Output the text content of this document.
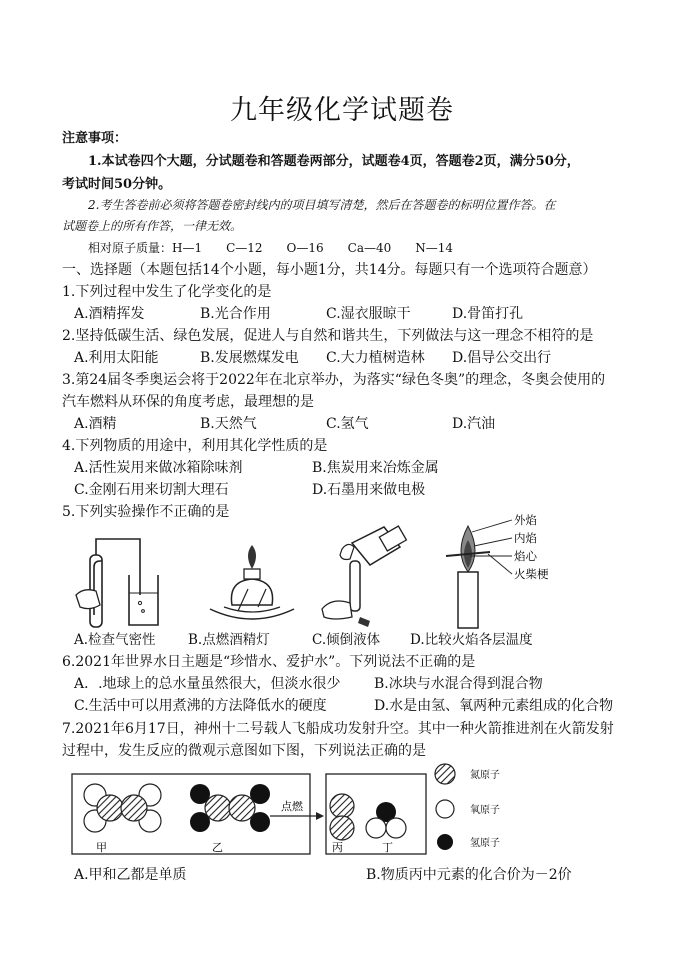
九年级化学试题卷
注意事项：
1.本试卷四个大题，分试题卷和答题卷两部分，试题卷4页，答题卷2页，满分50分，
考试时间50分钟。
2.考生答卷前必须将答题卷密封线内的项目填写清楚，然后在答题卷的标明位置作答。在
试题卷上的所有作答，一律无效。
相对原子质量：H—1　　C—12　　O—16　　Ca—40　　N—14
一、选择题（本题包括14个小题，每小题1分，共14分。每题只有一个选项符合题意）
1.下列过程中发生了化学变化的是
A.酒精挥发	B.光合作用	C.湿衣服晾干	D.骨笛打孔
2.坚持低碳生活、绿色发展，促进人与自然和谐共生，下列做法与这一理念不相符的是
A.利用太阳能	B.发展燃煤发电 C.大力植树造林 D.倡导公交出行
3.第24届冬季奥运会将于2022年在北京举办，为落实“绿色冬奥”的理念，冬奥会使用的
汽车燃料从环保的角度考虑，最理想的是
A.酒精	B.天然气	C.氢气	D.汽油
4.下列物质的用途中，利用其化学性质的是
A.活性炭用来做冰箱除味剂	B.焦炭用来冶炼金属
C.金刚石用来切割大理石	D.石墨用来做电极
5.下列实验操作不正确的是	外焰
内焰
焰心
火柴梗
A.检查气密性 B.点燃酒精灯	C.倾倒液体 D.比较火焰各层温度
6.2021年世界水日主题是“珍惜水、爱护水”。下列说法不正确的是
A．.地球上的总水量虽然很大，但淡水很少 B.冰块与水混合得到混合物
C.生活中可以用煮沸的方法降低水的硬度	D.水是由氢、氧两种元素组成的化合物
7.2021年6月17日，神州十二号载人飞船成功发射升空。其中一种火箭推进剂在火箭发射
过程中，发生反应的微观示意图如下图，下列说法正确的是
甲	乙
点燃
丙	丁
氮原子
氧原子
氢原子
A.甲和乙都是单质	B.物质丙中元素的化合价为－2价
